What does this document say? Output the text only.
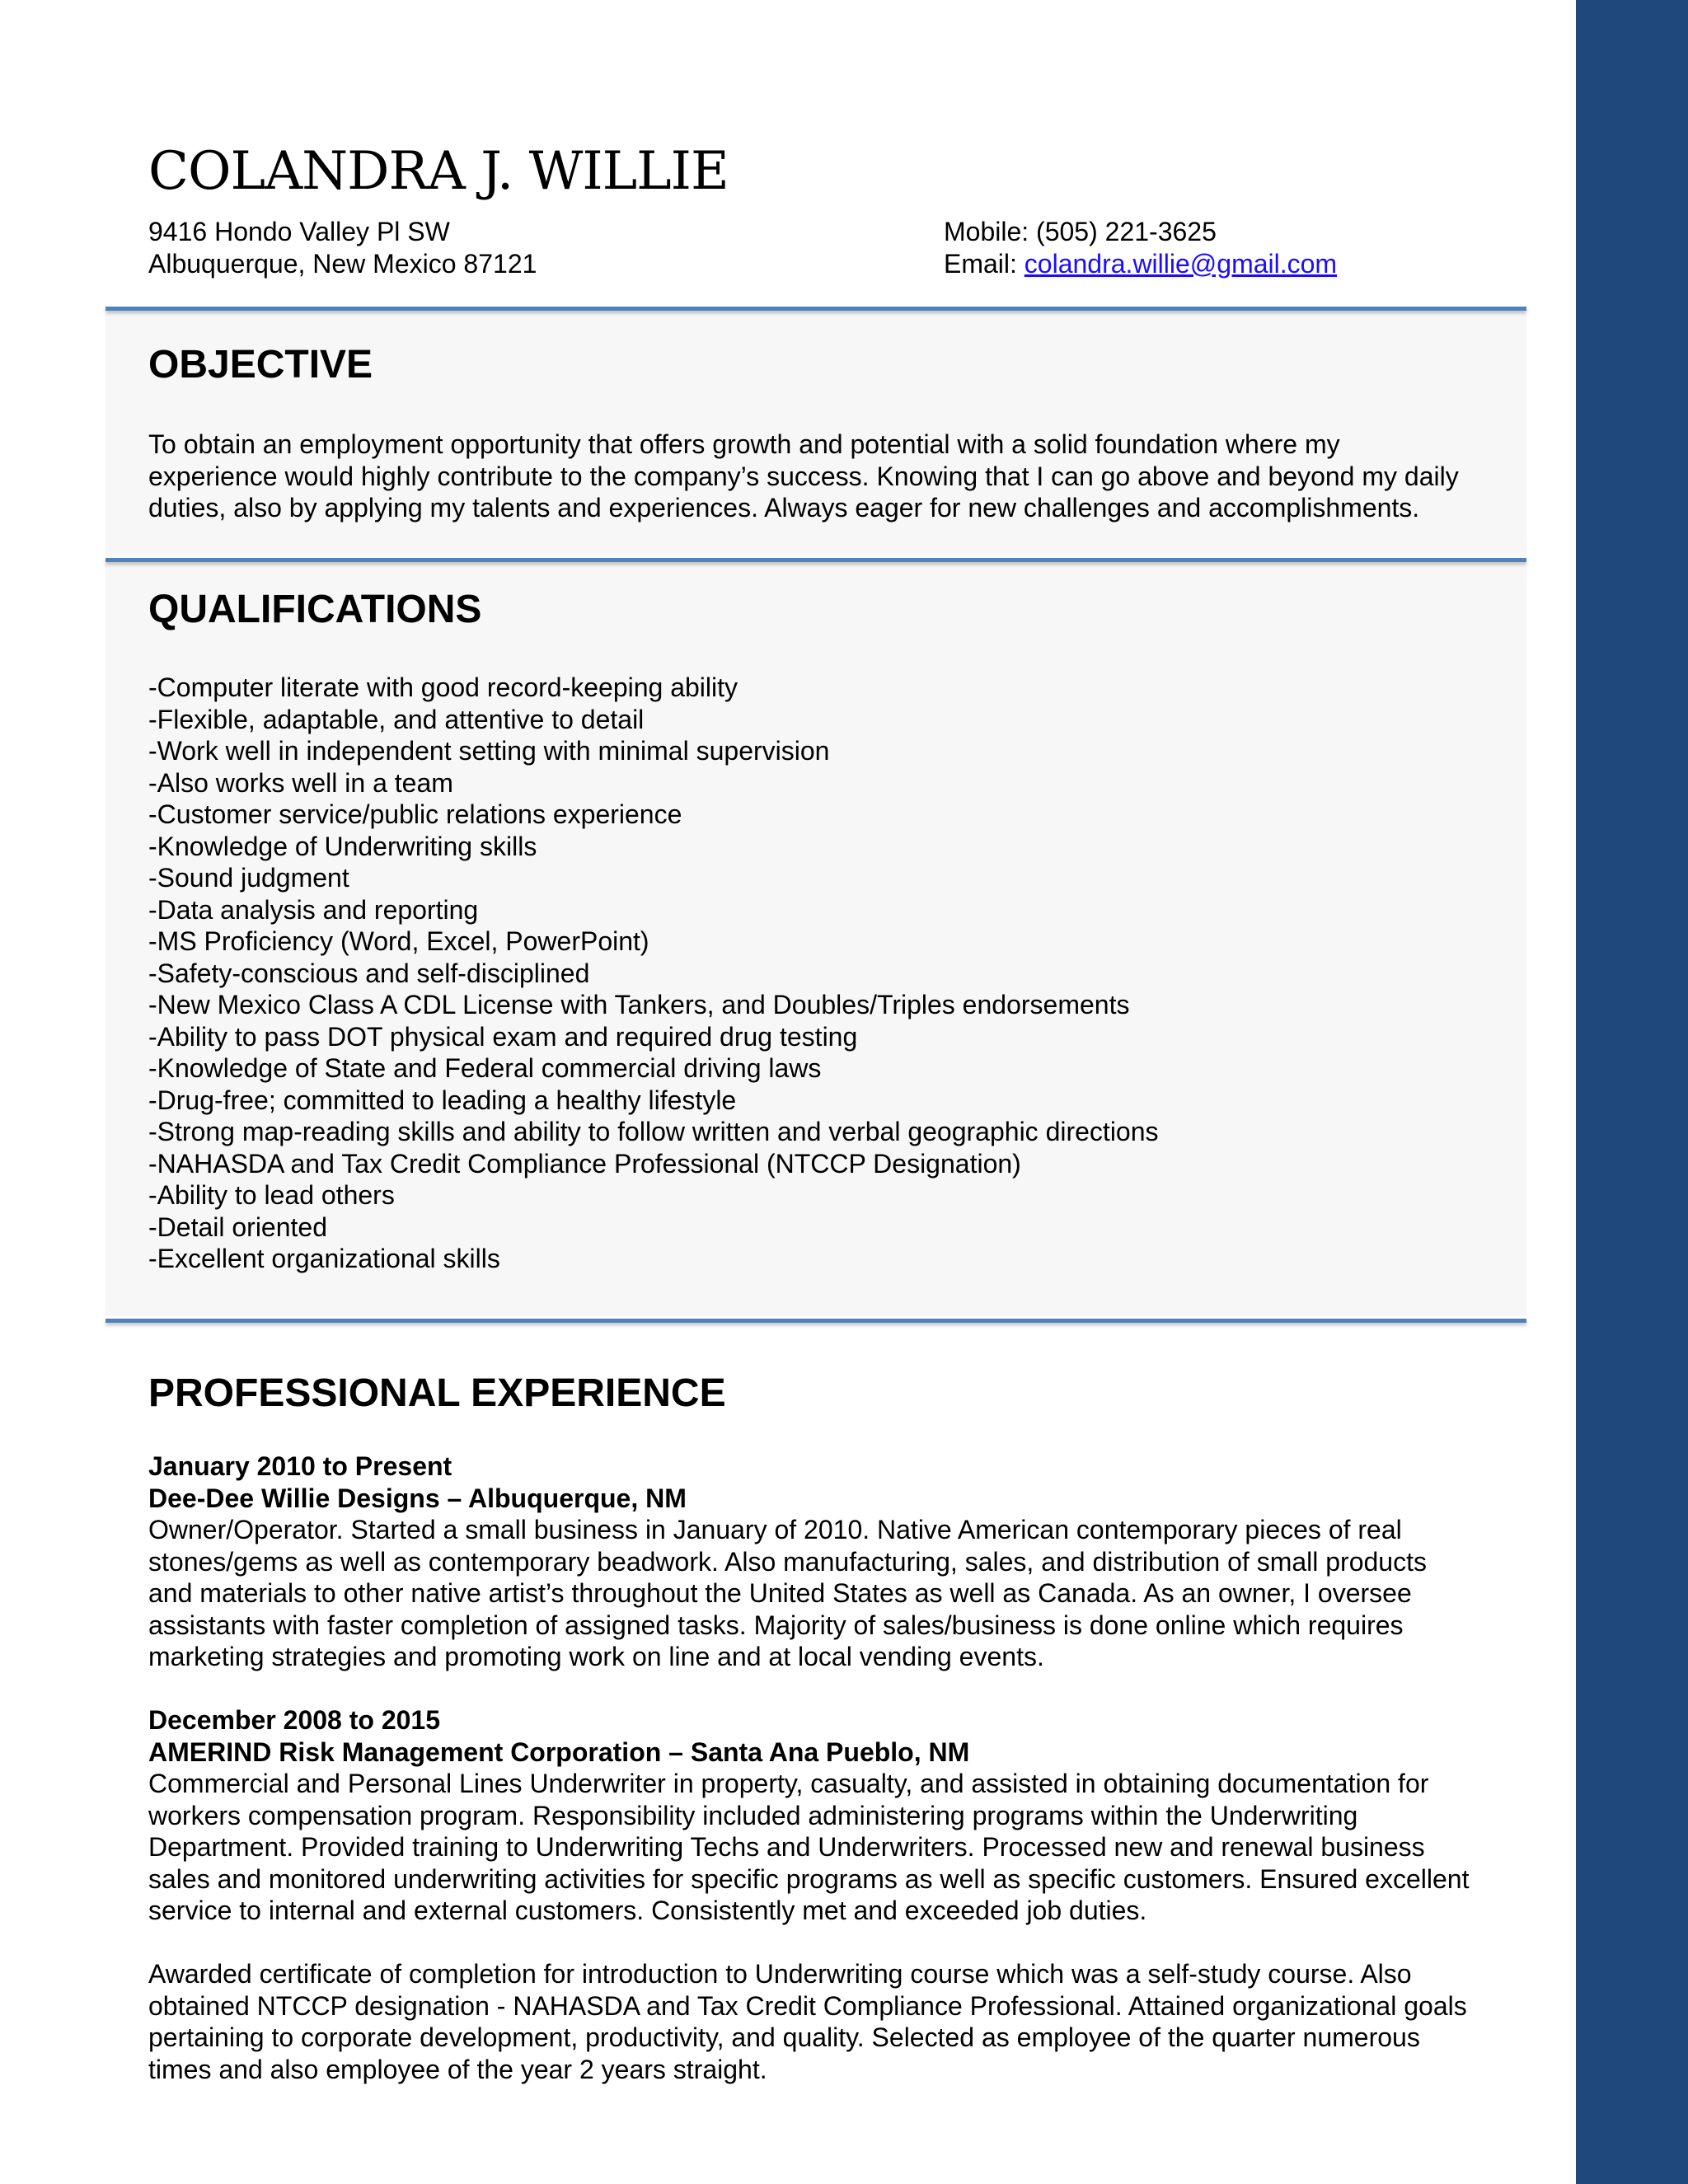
COLANDRA J. WILLIE
9416 Hondo Valley Pl SW
Albuquerque, New Mexico 87121
Mobile: (505) 221-3625
Email: colandra.willie@gmail.com
OBJECTIVE
To obtain an employment opportunity that offers growth and potential with a solid foundation where my
experience would highly contribute to the company’s success. Knowing that I can go above and beyond my daily
duties, also by applying my talents and experiences. Always eager for new challenges and accomplishments.
QUALIFICATIONS
-Computer literate with good record-keeping ability
-Flexible, adaptable, and attentive to detail
-Work well in independent setting with minimal supervision
-Also works well in a team
-Customer service/public relations experience
-Knowledge of Underwriting skills
-Sound judgment
-Data analysis and reporting
-MS Proficiency (Word, Excel, PowerPoint)
-Safety-conscious and self-disciplined
-New Mexico Class A CDL License with Tankers, and Doubles/Triples endorsements
-Ability to pass DOT physical exam and required drug testing
-Knowledge of State and Federal commercial driving laws
-Drug-free; committed to leading a healthy lifestyle
-Strong map-reading skills and ability to follow written and verbal geographic directions
-NAHASDA and Tax Credit Compliance Professional (NTCCP Designation)
-Ability to lead others
-Detail oriented
-Excellent organizational skills
PROFESSIONAL EXPERIENCE
January 2010 to Present
Dee-Dee Willie Designs – Albuquerque, NM
Owner/Operator. Started a small business in January of 2010. Native American contemporary pieces of real
stones/gems as well as contemporary beadwork. Also manufacturing, sales, and distribution of small products
and materials to other native artist’s throughout the United States as well as Canada. As an owner, I oversee
assistants with faster completion of assigned tasks. Majority of sales/business is done online which requires
marketing strategies and promoting work on line and at local vending events.
December 2008 to 2015
AMERIND Risk Management Corporation – Santa Ana Pueblo, NM
Commercial and Personal Lines Underwriter in property, casualty, and assisted in obtaining documentation for
workers compensation program. Responsibility included administering programs within the Underwriting
Department. Provided training to Underwriting Techs and Underwriters. Processed new and renewal business
sales and monitored underwriting activities for specific programs as well as specific customers. Ensured excellent
service to internal and external customers. Consistently met and exceeded job duties.
Awarded certificate of completion for introduction to Underwriting course which was a self-study course. Also
obtained NTCCP designation - NAHASDA and Tax Credit Compliance Professional. Attained organizational goals
pertaining to corporate development, productivity, and quality. Selected as employee of the quarter numerous
times and also employee of the year 2 years straight.
